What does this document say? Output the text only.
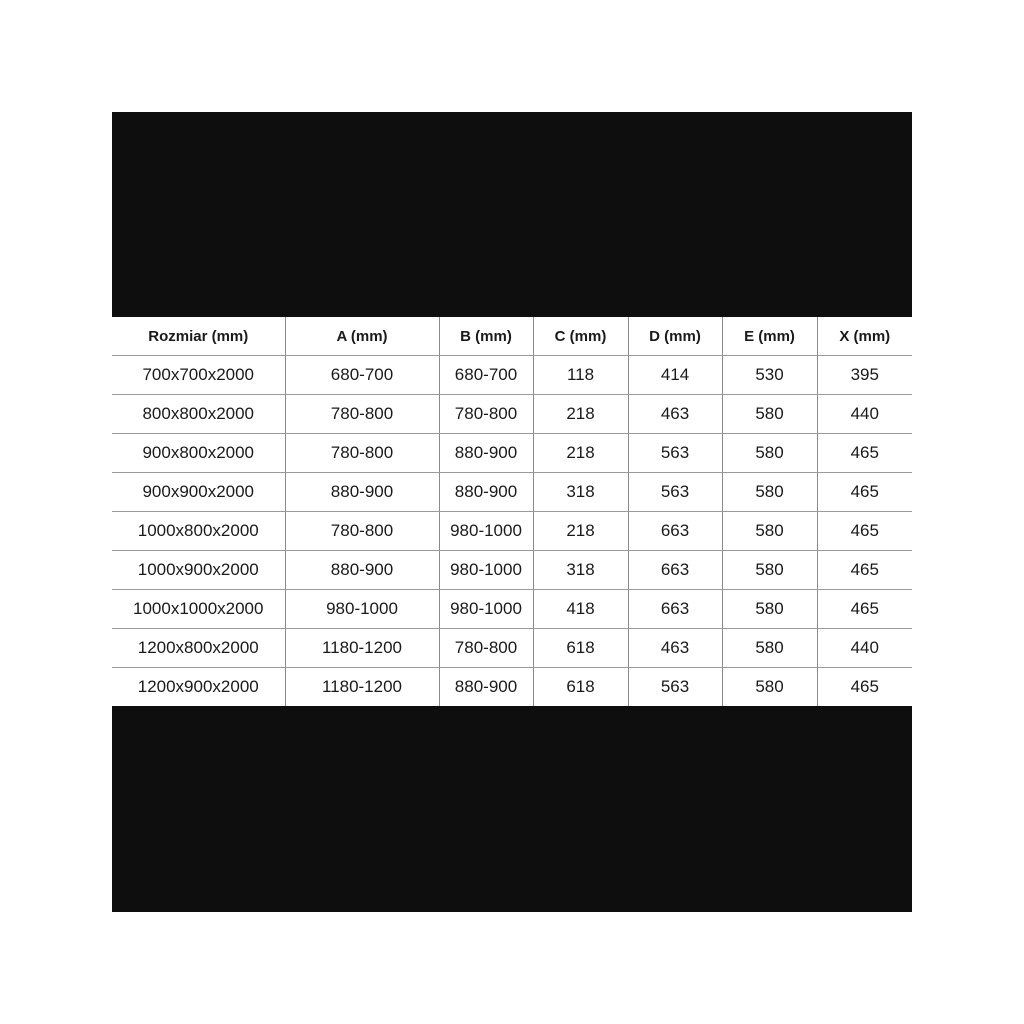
Rozmiar (mm)	A (mm)	B (mm)	C (mm)	D (mm)	E (mm)	X (mm)
700x700x2000	680-700	680-700	118	414	530	395
800x800x2000	780-800	780-800	218	463	580	440
900x800x2000	780-800	880-900	218	563	580	465
900x900x2000	880-900	880-900	318	563	580	465
1000x800x2000	780-800	980-1000	218	663	580	465
1000x900x2000	880-900	980-1000	318	663	580	465
1000x1000x2000	980-1000	980-1000	418	663	580	465
1200x800x2000	1180-1200	780-800	618	463	580	440
1200x900x2000	1180-1200	880-900	618	563	580	465
